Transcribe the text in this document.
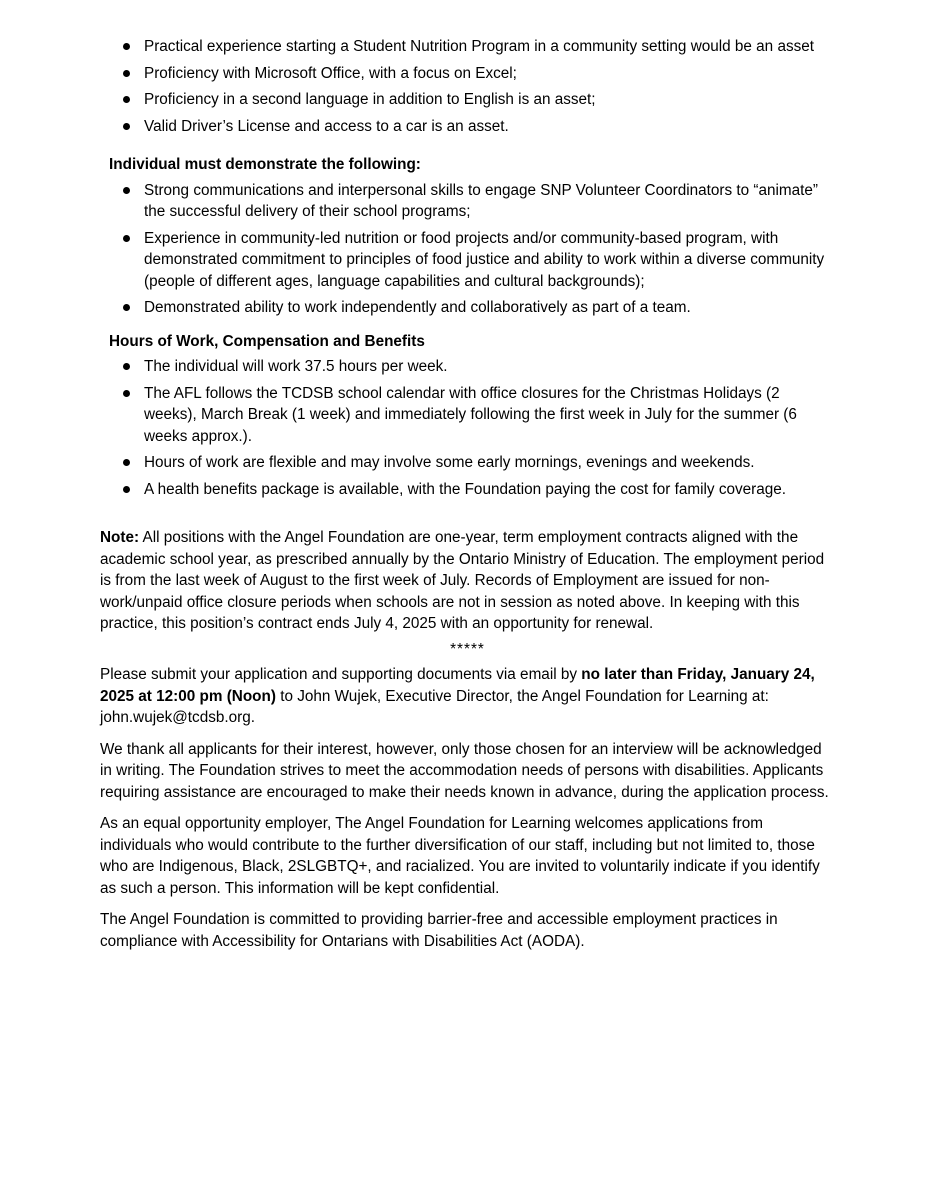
Practical experience starting a Student Nutrition Program in a community setting would be an asset
Proficiency with Microsoft Office, with a focus on Excel;
Proficiency in a second language in addition to English is an asset;
Valid Driver’s License and access to a car is an asset.
Individual must demonstrate the following:
Strong communications and interpersonal skills to engage SNP Volunteer Coordinators to “animate” the successful delivery of their school programs;
Experience in community-led nutrition or food projects and/or community-based program, with demonstrated commitment to principles of food justice and ability to work within a diverse community (people of different ages, language capabilities and cultural backgrounds);
Demonstrated ability to work independently and collaboratively as part of a team.
Hours of Work, Compensation and Benefits
The individual will work 37.5 hours per week.
The AFL follows the TCDSB school calendar with office closures for the Christmas Holidays (2 weeks), March Break (1 week) and immediately following the first week in July for the summer (6 weeks approx.).
Hours of work are flexible and may involve some early mornings, evenings and weekends.
A health benefits package is available, with the Foundation paying the cost for family coverage.

Note: All positions with the Angel Foundation are one-year, term employment contracts aligned with the academic school year, as prescribed annually by the Ontario Ministry of Education. The employment period is from the last week of August to the first week of July. Records of Employment are issued for non-work/unpaid office closure periods when schools are not in session as noted above. In keeping with this practice, this position’s contract ends July 4, 2025 with an opportunity for renewal.

*****

Please submit your application and supporting documents via email by no later than Friday, January 24, 2025 at 12:00 pm (Noon) to John Wujek, Executive Director, the Angel Foundation for Learning at: john.wujek@tcdsb.org.

We thank all applicants for their interest, however, only those chosen for an interview will be acknowledged in writing. The Foundation strives to meet the accommodation needs of persons with disabilities. Applicants requiring assistance are encouraged to make their needs known in advance, during the application process.

As an equal opportunity employer, The Angel Foundation for Learning welcomes applications from individuals who would contribute to the further diversification of our staff, including but not limited to, those who are Indigenous, Black, 2SLGBTQ+, and racialized. You are invited to voluntarily indicate if you identify as such a person. This information will be kept confidential.

The Angel Foundation is committed to providing barrier-free and accessible employment practices in compliance with Accessibility for Ontarians with Disabilities Act (AODA).
